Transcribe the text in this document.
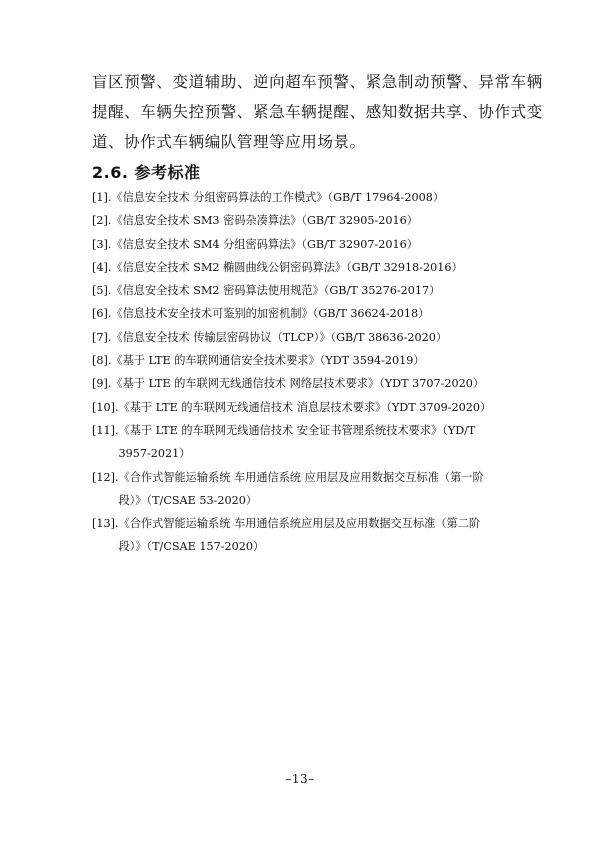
盲区预警、变道辅助、逆向超车预警、紧急制动预警、异常车辆
提醒、车辆失控预警、紧急车辆提醒、感知数据共享、协作式变
道、协作式车辆编队管理等应用场景。
2.6. 参考标准
[1]. 《信息安全技术 分组密码算法的工作模式》（GB/T 17964-2008）
[2]. 《信息安全技术 SM3 密码杂凑算法》（GB/T 32905-2016）
[3]. 《信息安全技术 SM4 分组密码算法》（GB/T 32907-2016）
[4]. 《信息安全技术 SM2 椭圆曲线公钥密码算法》（GB/T 32918-2016）
[5]. 《信息安全技术 SM2 密码算法使用规范》（GB/T 35276-2017）
[6]. 《信息技术安全技术可鉴别的加密机制》（GB/T 36624-2018）
[7]. 《信息安全技术 传输层密码协议（TLCP）》（GB/T 38636-2020）
[8]. 《基于 LTE 的车联网通信安全技术要求》（YDT 3594-2019）
[9]. 《基于 LTE 的车联网无线通信技术 网络层技术要求》（YDT 3707-2020）
[10]. 《基于 LTE 的车联网无线通信技术 消息层技术要求》（YDT 3709-2020）
[11]. 《基于 LTE 的车联网无线通信技术 安全证书管理系统技术要求》（YD/T
3957-2021）
[12]. 《合作式智能运输系统 车用通信系统 应用层及应用数据交互标准（第一阶
段）》（T/CSAE 53-2020）
[13]. 《合作式智能运输系统 车用通信系统应用层及应用数据交互标准（第二阶
段）》（T/CSAE 157-2020）
–13–
